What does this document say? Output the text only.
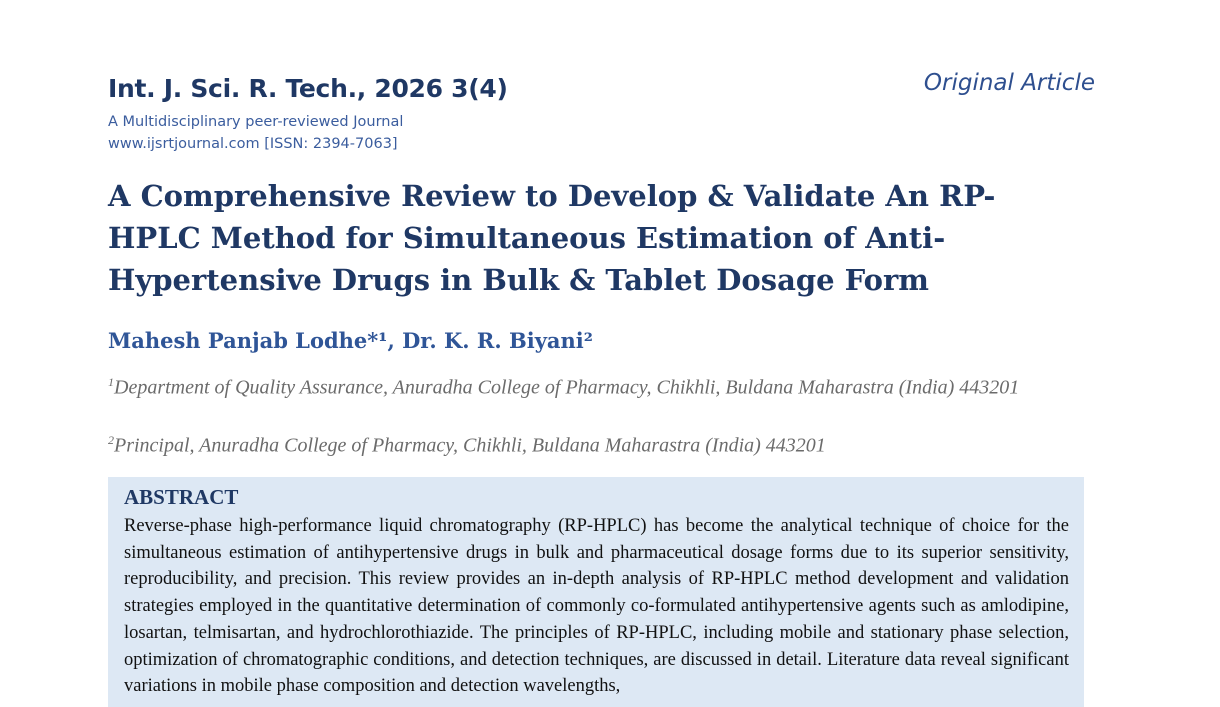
Int. J. Sci. R. Tech., 2026 3(4)	Original Article
A Multidisciplinary peer-reviewed Journal
www.ijsrtjournal.com [ISSN: 2394-7063]
A Comprehensive Review to Develop & Validate An RP-HPLC Method for Simultaneous Estimation of Anti-Hypertensive Drugs in Bulk & Tablet Dosage Form
Mahesh Panjab Lodhe*¹, Dr. K. R. Biyani²
$^1$Department of Quality Assurance, Anuradha College of Pharmacy, Chikhli, Buldana Maharastra (India) 443201
$^2$Principal, Anuradha College of Pharmacy, Chikhli, Buldana Maharastra (India) 443201
ABSTRACT

Reverse-phase high-performance liquid chromatography (RP-HPLC) has become the analytical technique of choice for the simultaneous estimation of antihypertensive drugs in bulk and pharmaceutical dosage forms due to its superior sensitivity, reproducibility, and precision. This review provides an in-depth analysis of RP-HPLC method development and validation strategies employed in the quantitative determination of commonly co-formulated antihypertensive agents such as amlodipine, losartan, telmisartan, and hydrochlorothiazide. The principles of RP-HPLC, including mobile and stationary phase selection, optimization of chromatographic conditions, and detection techniques, are discussed in detail. Literature data reveal significant variations in mobile phase composition and detection wavelengths,
